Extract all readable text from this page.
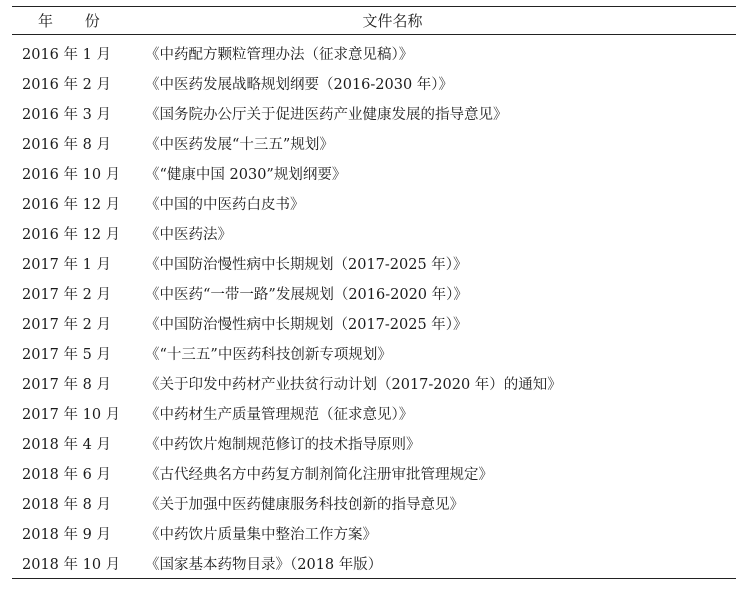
年 份	文件名称
2016 年 1 月	《中药配方颗粒管理办法（征求意见稿）》
2016 年 2 月	《中医药发展战略规划纲要（2016-2030 年）》
2016 年 3 月	《国务院办公厅关于促进医药产业健康发展的指导意见》
2016 年 8 月	《中医药发展“十三五”规划》
2016 年 10 月	《“健康中国 2030”规划纲要》
2016 年 12 月	《中国的中医药白皮书》
2016 年 12 月	《中医药法》
2017 年 1 月	《中国防治慢性病中长期规划（2017-2025 年）》
2017 年 2 月	《中医药“一带一路”发展规划（2016-2020 年）》
2017 年 2 月	《中国防治慢性病中长期规划（2017-2025 年）》
2017 年 5 月	《“十三五”中医药科技创新专项规划》
2017 年 8 月	《关于印发中药材产业扶贫行动计划（2017-2020 年）的通知》
2017 年 10 月	《中药材生产质量管理规范（征求意见）》
2018 年 4 月	《中药饮片炮制规范修订的技术指导原则》
2018 年 6 月	《古代经典名方中药复方制剂简化注册审批管理规定》
2018 年 8 月	《关于加强中医药健康服务科技创新的指导意见》
2018 年 9 月	《中药饮片质量集中整治工作方案》
2018 年 10 月	《国家基本药物目录》（2018 年版）
